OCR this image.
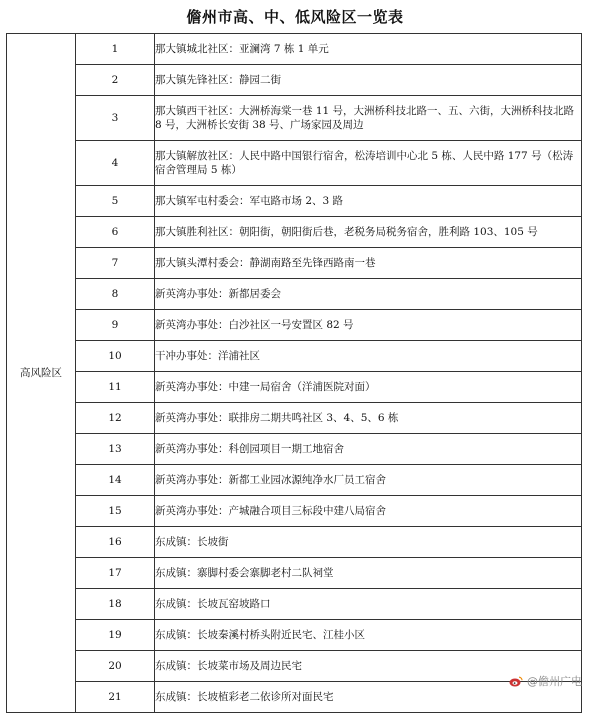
儋州市高、中、低风险区一览表
高风险区	1	那大镇城北社区：亚澜湾 7 栋 1 单元
	2	那大镇先锋社区：静园二街
	3	那大镇西干社区：大洲桥海棠一巷 11 号，大洲桥科技北路一、五、六街，大洲桥科技北路 8 号，大洲桥长安街 38 号、广场家园及周边
	4	那大镇解放社区：人民中路中国银行宿舍，松涛培训中心北 5 栋、人民中路 177 号（松涛宿舍管理局 5 栋）
	5	那大镇军屯村委会：军屯路市场 2、3 路
	6	那大镇胜利社区：朝阳街，朝阳街后巷，老税务局税务宿舍，胜利路 103、105 号
	7	那大镇头潭村委会：静湖南路至先锋西路南一巷
	8	新英湾办事处：新都居委会
	9	新英湾办事处：白沙社区一号安置区 82 号
	10	干冲办事处：洋浦社区
	11	新英湾办事处：中建一局宿舍（洋浦医院对面）
	12	新英湾办事处：联排房二期共鸣社区 3、4、5、6 栋
	13	新英湾办事处：科创园项目一期工地宿舍
	14	新英湾办事处：新都工业园冰源纯净水厂员工宿舍
	15	新英湾办事处：产城融合项目三标段中建八局宿舍
	16	东成镇：长坡街
	17	东成镇：寨脚村委会寨脚老村二队祠堂
	18	东成镇：长坡瓦窑坡路口
	19	东成镇：长坡秦溪村桥头附近民宅、江桂小区
	20	东成镇：长坡菜市场及周边民宅
	21	东成镇：长坡植彩老二依诊所对面民宅
@儋州广电
